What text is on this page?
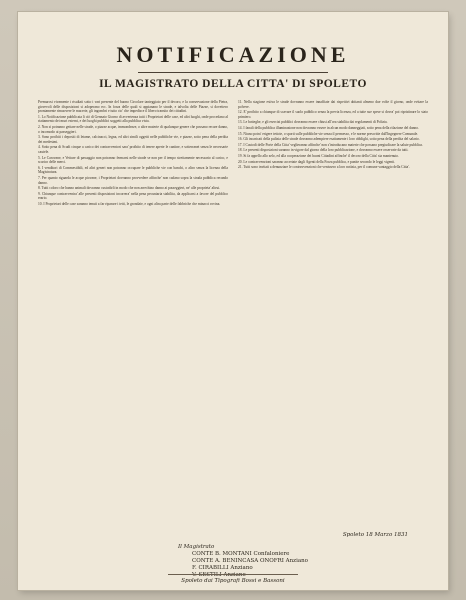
NOTIFICAZIONE
IL MAGISTRATO DELLA CITTA' DI SPOLETO

Premurosi vivamente i risultati sotto i vari presente del buono Circolare tanteggiato per il decoro, e la conservazione della Pietra, giovevoli delle disposizioni si adoperano ecc. In forza delle quali si appianano le strade, e talvolta delle Piazze, si dovettero prontamente rimuovere le macerie, gli ingombri e tutto cio' che impedisce il libero transito dei cittadini.

1. Lo Notificazione pubblicata li ciò di Gennaio Giorno di avvertenza tutti i Proprietari delle case, ed altri luoghi, onde procedano al riattamento dei muri esterni, e dei luoghi pubblici soggetti alla pubblica vista.

2. Non si potranno gettare nelle strade, o piazze acque, immondezze, o altre materie di qualunque genere che possano recare danno, o incomodo ai passeggieri.

3. Sono proibiti i depositi di letame, calcinacci, legna, ed altri simili oggetti nelle pubbliche vie, e piazze, sotto pena della perdita dei medesimi.

4. Sotto pena di Scudi cinque a carico dei contravventori sara' proibito di tenere aperte le cantine, e sotterranei senza le necessarie cautele.

5. Le Carovane, e Vetture di passaggio non potranno fermarsi nelle strade se non per il tempo strettamente necessario al carico, e scarico delle merci.

6. I venditori di Commestibili, ed altri generi non potranno occupare le pubbliche vie con banchi, o altro senza la licenza della Magistratura.

7. Per quanto riguarda le acque piovane, i Proprietari dovranno provvedere affinche' non cadano sopra la strada pubblica recando danno.

8. Tutti coloro che hanno animali dovranno custodirli in modo che non arrechino danno ai passeggieri, ne' alle proprieta' altrui.

9. Chiunque contravvenira' alle presenti disposizioni incorrera' nella pena pecuniaria stabilita, da applicarsi a favore del pubblico erario.

10. I Proprietari delle case saranno tenuti a far riparare i tetti, le grondaie, e ogni altra parte delle fabbriche che minacci rovina.

11. Nella stagione estiva le strade dovranno essere innaffiate dai rispettivi abitanti almeno due volte il giorno, onde evitare la polvere.

12. E' proibito a chiunque di scavare il suolo pubblico senza la previa licenza, ed a tutte sue spese si dovra' poi ripristinare lo stato primiero.

13. Le botteghe, e gli esercizi pubblici dovranno essere chiusi all'ora stabilita dai regolamenti di Polizia.

14. I fanali della pubblica illuminazione non dovranno essere in alcun modo danneggiati, sotto pena della rifazione del danno.

15. Niuno potra' erigere tettoie, o sporti sulle pubbliche vie senza il permesso, e le norme prescritte dall'Ingegnere Comunale.

16. Gli incaricati della pulizia delle strade dovranno adempiere esattamente i loro obblighi, sotto pena della perdita del salario.

17. I Custodi delle Porte della Citta' veglieranno affinche' non s'introducano materie che possano pregiudicare la salute pubblica.

18. Le presenti disposizioni saranno in vigore dal giorno della loro pubblicazione, e dovranno essere osservate da tutti.

19. Si fa appello allo zelo, ed alla cooperazione dei buoni Cittadini affinche' il decoro della Citta' sia mantenuto.

20. Le contravvenzioni saranno accertate dagli Agenti della Forza pubblica, e punite secondo le leggi vigenti.

21. Tutti sono invitati a denunziare le contravvenzioni che venissero a loro notizia, per il comune vantaggio della Citta'.

Spoleto 18 Marzo 1831
Il Magistrato
CONTE B. MONTANI Confaloniere
CONTE A. BENINCASA ONOFRI Anziano
F. CIRABILLI Anziano
V. SESTILI Anziano
Spoleto dai Tipografi Bossi e Bassoni
